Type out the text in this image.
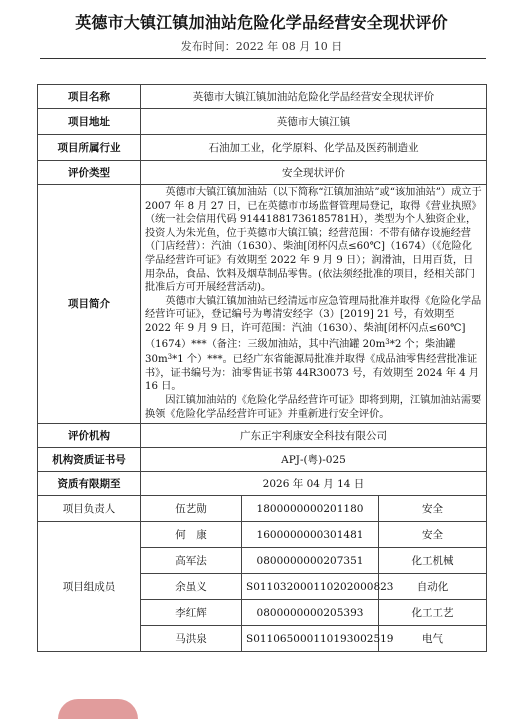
英德市大镇江镇加油站危险化学品经营安全现状评价
发布时间：2022 年 08 月 10 日
项目名称	英德市大镇江镇加油站危险化学品经营安全现状评价		
项目地址	英德市大镇江镇		
项目所属行业	石油加工业，化学原料、化学品及医药制造业		
评价类型	安全现状评价		
项目简介	英德市大镇江镇加油站（以下简称“江镇加油站”或“该加油站”）成立于 2007 年 8 月 27 日，已在英德市市场监督管理局登记，取得《营业执照》（统一社会信用代码 91441881736185781H），类型为个人独资企业，投资人为朱光鱼，位于英德市大镇江镇；经营范围：不带有储存设施经营（门店经营）：汽油（1630）、柴油[闭杯闪点≤60℃]（1674）（《危险化学品经营许可证》有效期至 2022 年 9 月 9 日）；润滑油，日用百货，日用杂品，食品、饮料及烟草制品零售。(依法须经批准的项目，经相关部门批准后方可开展经营活动)。

英德市大镇江镇加油站已经清远市应急管理局批准并取得《危险化学品经营许可证》，登记编号为粤清安经字（3）[2019] 21 号，有效期至 2022 年 9 月 9 日，许可范围：汽油（1630）、柴油[闭杯闪点≤60℃]（1674）***（备注：三级加油站，其中汽油罐 $20m^3*2$ 个；柴油罐 $30m^3*1$ 个）***。已经广东省能源局批准并取得《成品油零售经营批准证书》，证书编号为：油零售证书第 44R30073 号，有效期至 2024 年 4 月 16 日。

因江镇加油站的《危险化学品经营许可证》即将到期，江镇加油站需要换领《危险化学品经营许可证》并重新进行安全评价。		

评价机构	广东正宇利康安全科技有限公司		
机构资质证书号	APJ-(粤)-025		
资质有限期至	2026 年 04 月 14 日		
项目负责人	伍艺勋	1800000000201180	安全
项目组成员	何　康	1600000000301481	安全
	高军法	0800000000207351	化工机械
	余虽义	S011032000110202000823	自动化
	李红辉	0800000000205393	化工工艺
	马洪泉	S011065000110193002519	电气
